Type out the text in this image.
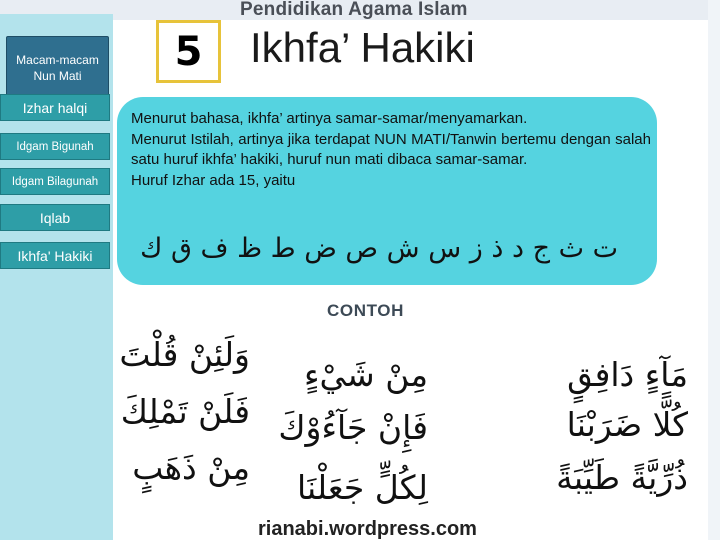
Pendidikan Agama Islam
Macam-macam Nun Mati
Izhar halqi
Idgam Bigunah
Idgam Bilagunah
Iqlab
Ikhfa' Hakiki
5	Ikhfa’ Hakiki

Menurut bahasa, ikhfa’ artinya samar-samar/menyamarkan.

Menurut Istilah, artinya jika terdapat NUN MATI/Tanwin bertemu dengan salah satu huruf ikhfa’ hakiki, huruf nun mati dibaca samar-samar.

Huruf Izhar ada 15, yaitu

ت ث ج د ذ ز س ش ص ض ط ظ ف ق ك
CONTOH
مَآءٍ دَافِقٍ
مِنْ شَيْءٍ
وَلَئِنْ قُلْتَ
كُلًّا ضَرَبْنَا
فَإِنْ جَآءُوْكَ
فَلَنْ تَمْلِكَ
ذُرِّيَّةً طَيِّبَةً
لِكُلٍّ جَعَلْنَا
مِنْ ذَهَبٍ
rianabi.wordpress.com
